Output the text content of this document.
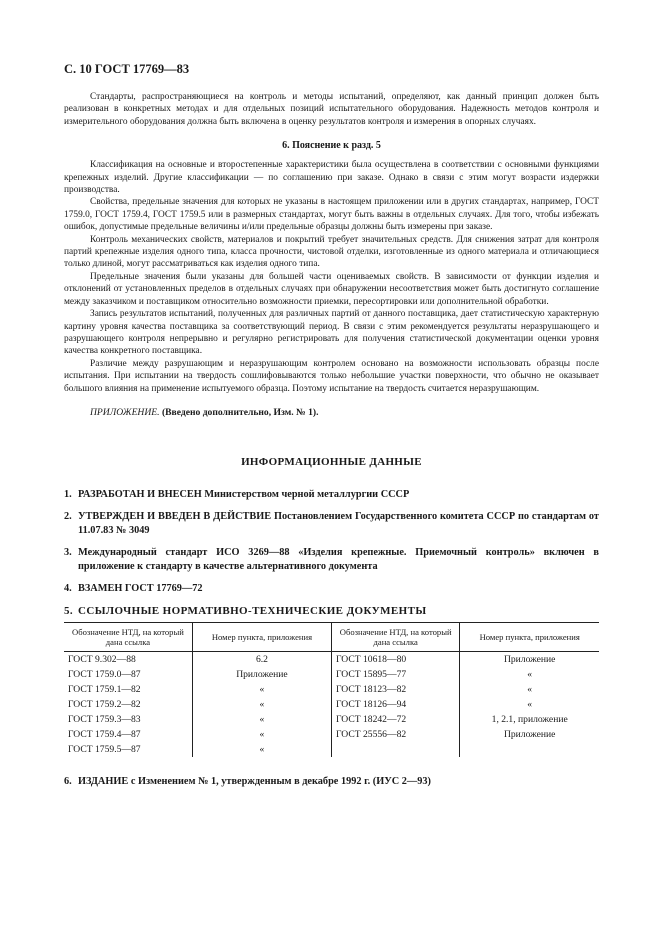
С. 10 ГОСТ 17769—83

Стандарты, распространяющиеся на контроль и методы испытаний, определяют, как данный принцип должен быть реализован в конкретных методах и для отдельных позиций испытательного оборудования. Надежность методов контроля и измерительного оборудования должна быть включена в оценку результатов контроля и измерения в опорных случаях.

6. Пояснение к разд. 5

Классификация на основные и второстепенные характеристики была осуществлена в соответствии с основными функциями крепежных изделий. Другие классификации — по соглашению при заказе. Однако в связи с этим могут возрасти издержки производства.

Свойства, предельные значения для которых не указаны в настоящем приложении или в других стандартах, например, ГОСТ 1759.0, ГОСТ 1759.4, ГОСТ 1759.5 или в размерных стандартах, могут быть важны в отдельных случаях. Для того, чтобы избежать ошибок, допустимые предельные величины и/или предельные образцы должны быть измерены при заказе.

Контроль механических свойств, материалов и покрытий требует значительных средств. Для снижения затрат для контроля партий крепежные изделия одного типа, класса прочности, чистовой отделки, изготовленные из одного материала и отличающиеся только длиной, могут рассматриваться как изделия одного типа.

Предельные значения были указаны для большей части оцениваемых свойств. В зависимости от функции изделия и отклонений от установленных пределов в отдельных случаях при обнаружении несоответствия может быть достигнуто соглашение между заказчиком и поставщиком относительно возможности приемки, пересортировки или дополнительной обработки.

Запись результатов испытаний, полученных для различных партий от данного поставщика, дает статистическую характерную картину уровня качества поставщика за соответствующий период. В связи с этим рекомендуется результаты неразрушающего и разрушающего контроля непрерывно и регулярно регистрировать для получения статистической документации оценки уровня качества конкретного поставщика.

Различие между разрушающим и неразрушающим контролем основано на возможности использовать образцы после испытания. При испытании на твердость сошлифовываются только небольшие участки поверхности, что обычно не оказывает большого влияния на применение испытуемого образца. Поэтому испытание на твердость считается неразрушающим.

ПРИЛОЖЕНИЕ. (Введено дополнительно, Изм. № 1).

ИНФОРМАЦИОННЫЕ ДАННЫЕ
1. РАЗРАБОТАН И ВНЕСЕН Министерством черной металлургии СССР
2. УТВЕРЖДЕН И ВВЕДЕН В ДЕЙСТВИЕ Постановлением Государственного комитета СССР по стандартам от 11.07.83 № 3049
3. Международный стандарт ИСО 3269—88 «Изделия крепежные. Приемочный контроль» включен в приложение к стандарту в качестве альтернативного документа
4. ВЗАМЕН ГОСТ 17769—72
5. ССЫЛОЧНЫЕ НОРМАТИВНО-ТЕХНИЧЕСКИЕ ДОКУМЕНТЫ
Обозначение НТД, на который дана ссылка	Номер пункта, приложения	Обозначение НТД, на который дана ссылка	Номер пункта, приложения
ГОСТ 9.302—88	6.2	ГОСТ 10618—80	Приложение
ГОСТ 1759.0—87	Приложение	ГОСТ 15895—77	«
ГОСТ 1759.1—82	«	ГОСТ 18123—82	«
ГОСТ 1759.2—82	«	ГОСТ 18126—94	«
ГОСТ 1759.3—83	«	ГОСТ 18242—72	1, 2.1, приложение
ГОСТ 1759.4—87	«	ГОСТ 25556—82	Приложение
ГОСТ 1759.5—87	«		
6. ИЗДАНИЕ с Изменением № 1, утвержденным в декабре 1992 г. (ИУС 2—93)
